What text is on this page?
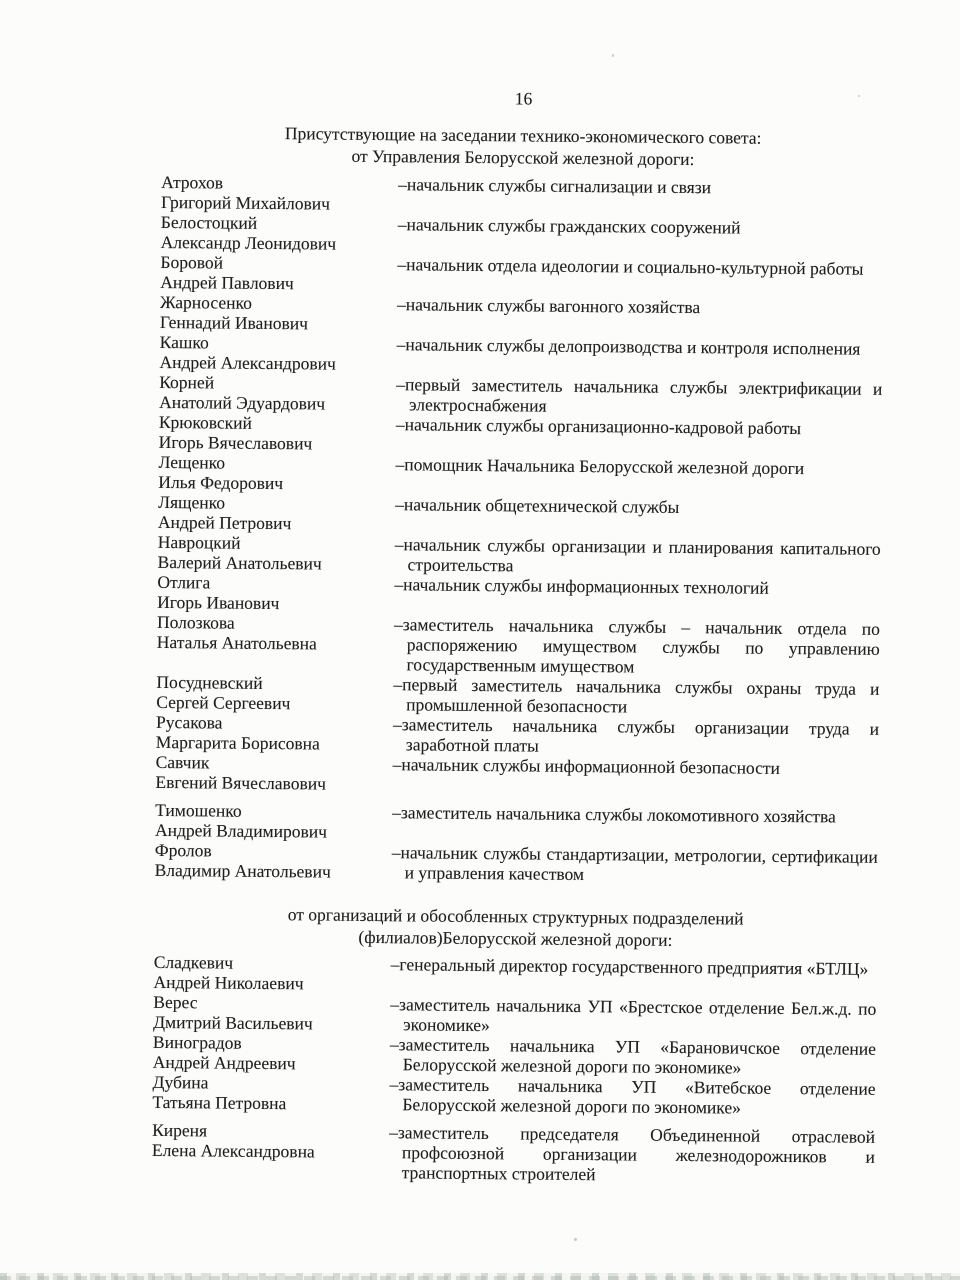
16
Присутствующие на заседании технико-экономического совета:
от Управления Белорусской железной дороги:
Атрохов
Григорий Михайлович
–начальник службы сигнализации и связи
Белостоцкий
Александр Леонидович
–начальник службы гражданских сооружений
Боровой
Андрей Павлович
–начальник отдела идеологии и социально-культурной работы
Жарносенко
Геннадий Иванович
–начальник службы вагонного хозяйства
Кашко
Андрей Александрович
–начальник службы делопроизводства и контроля исполнения
Корней
Анатолий Эдуардович
–первый заместитель начальника службы электрификации и электроснабжения
Крюковский
Игорь Вячеславович
–начальник службы организационно-кадровой работы
Лещенко
Илья Федорович
–помощник Начальника Белорусской железной дороги
Лященко
Андрей Петрович
–начальник общетехнической службы
Навроцкий
Валерий Анатольевич
–начальник службы организации и планирования капитального строительства
Отлига
Игорь Иванович
–начальник службы информационных технологий
Полозкова
Наталья Анатольевна
–заместитель начальника службы – начальник отдела по распоряжению имуществом службы по управлению государственным имуществом
Посудневский
Сергей Сергеевич
–первый заместитель начальника службы охраны труда и промышленной безопасности
Русакова
Маргарита Борисовна
–заместитель начальника службы организации труда и заработной платы
Савчик
Евгений Вячеславович
–начальник службы информационной безопасности
Тимошенко
Андрей Владимирович
–заместитель начальника службы локомотивного хозяйства
Фролов
Владимир Анатольевич
–начальник службы стандартизации, метрологии, сертификации и управления качеством
от организаций и обособленных структурных подразделений
(филиалов)Белорусской железной дороги:
Сладкевич
Андрей Николаевич
–генеральный директор государственного предприятия «БТЛЦ»
Верес
Дмитрий Васильевич
–заместитель начальника УП «Брестское отделение Бел.ж.д. по экономике»
Виноградов
Андрей Андреевич
–заместитель начальника УП «Барановичское отделение Белорусской железной дороги по экономике»
Дубина
Татьяна Петровна
–заместитель начальника УП «Витебское отделение Белорусской железной дороги по экономике»
Киреня
Елена Александровна
–заместитель председателя Объединенной отраслевой профсоюзной организации железнодорожников и транспортных строителей
